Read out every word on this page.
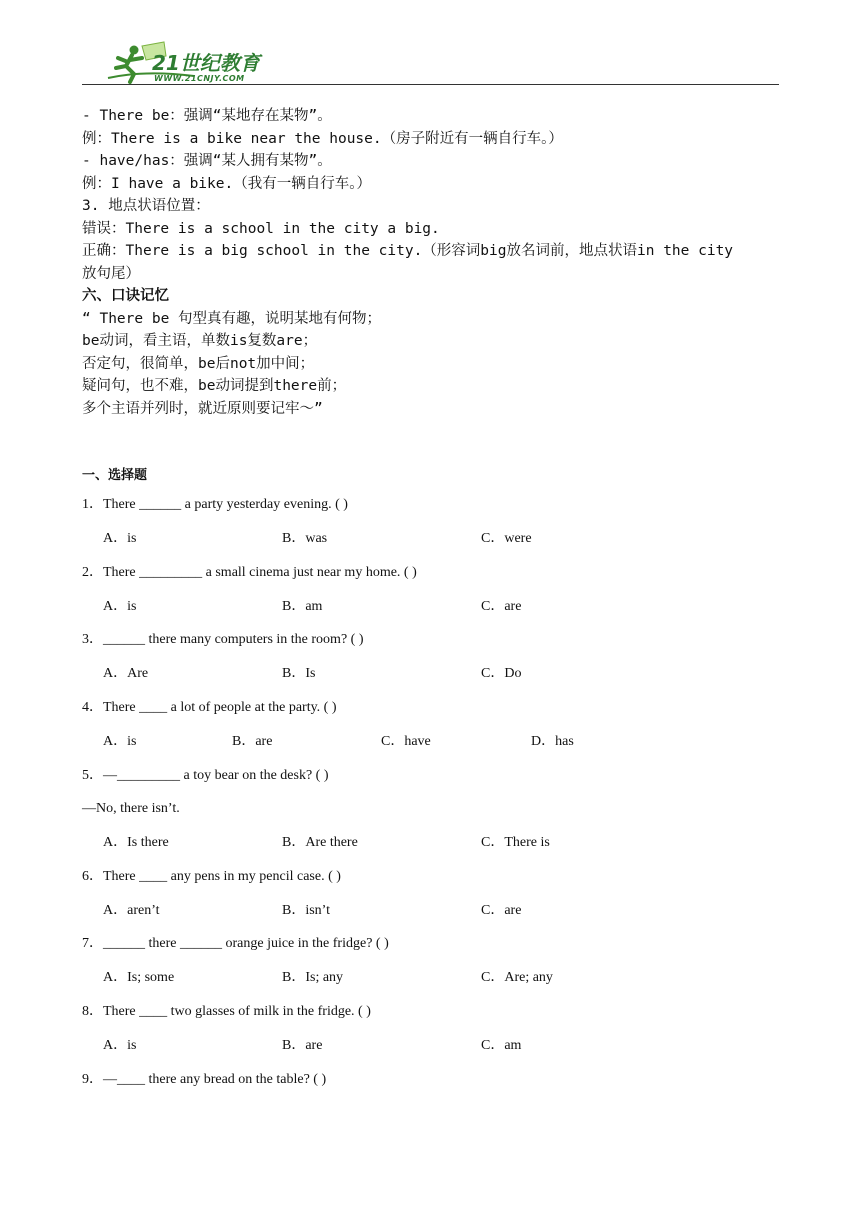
21世纪教育
WWW.21CNJY.COM
- There be：强调“某地存在某物”。
例：There is a bike near the house.（房子附近有一辆自行车。）
- have/has：强调“某人拥有某物”。
例：I have a bike.（我有一辆自行车。）
3. 地点状语位置：
错误：There is a school in the city a big.
正确：There is a big school in the city.（形容词big放名词前，地点状语in the city
放句尾）
六、口诀记忆
“ There be 句型真有趣，说明某地有何物；
be动词，看主语，单数is复数are；
否定句，很简单，be后not加中间；
疑问句，也不难，be动词提到there前；
多个主语并列时，就近原则要记牢～”
一、选择题
1．There ______ a party yesterday evening. ( )
A．is	B．was	C．were
2．There _________ a small cinema just near my home. ( )
A．is	B．am	C．are
3．______ there many computers in the room? ( )
A．Are	B．Is	C．Do
4．There ____ a lot of people at the party. ( )
A．is	B．are	C．have	D．has
5．—_________ a toy bear on the desk? ( )
—No, there isn’t.
A．Is there	B．Are there	C．There is
6．There ____ any pens in my pencil case. ( )
A．aren’t	B．isn’t	C．are
7．______ there ______ orange juice in the fridge? ( )
A．Is; some	B．Is; any	C．Are; any
8．There ____ two glasses of milk in the fridge. ( )
A．is	B．are	C．am
9．—____ there any bread on the table? ( )
